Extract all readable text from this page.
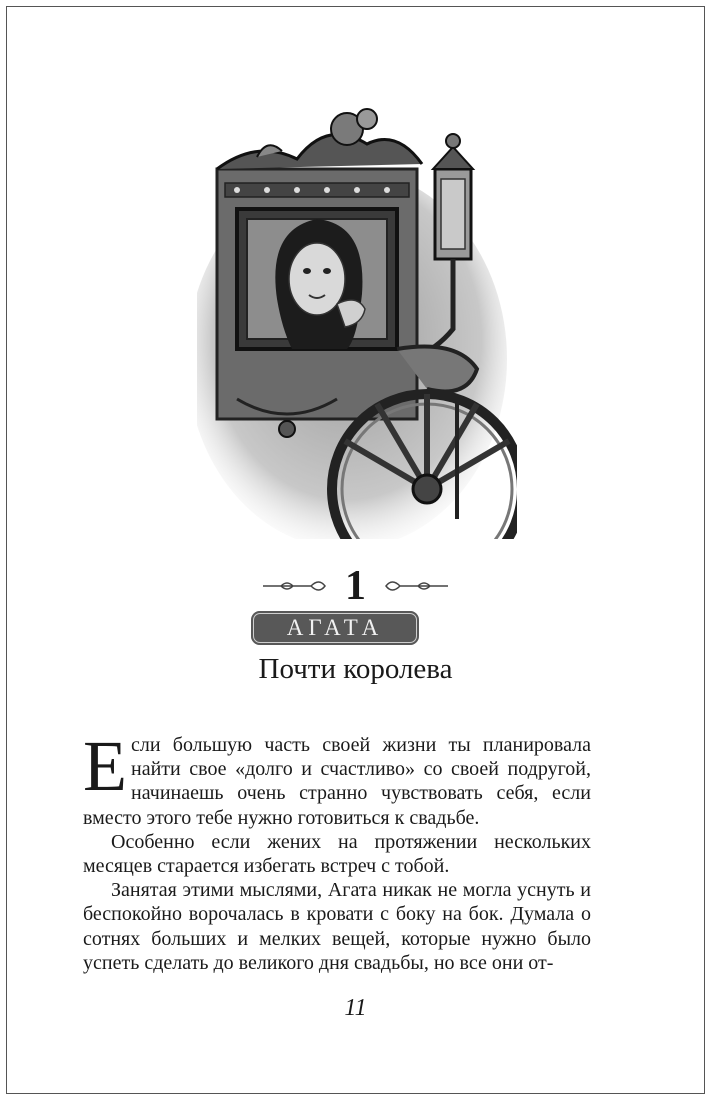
1
АГАТА
Почти королева

Если большую часть своей жизни ты планировала найти свое «долго и счастливо» со своей подругой, начинаешь очень странно чувствовать себя, если вместо этого тебе нужно готовиться к свадьбе.

Особенно если жених на протяжении нескольких месяцев старается избегать встреч с тобой.

Занятая этими мыслями, Агата никак не могла уснуть и беспокойно ворочалась в кровати с боку на бок. Думала о сотнях больших и мелких вещей, которые нужно было успеть сделать до великого дня свадьбы, но все они от-

11
